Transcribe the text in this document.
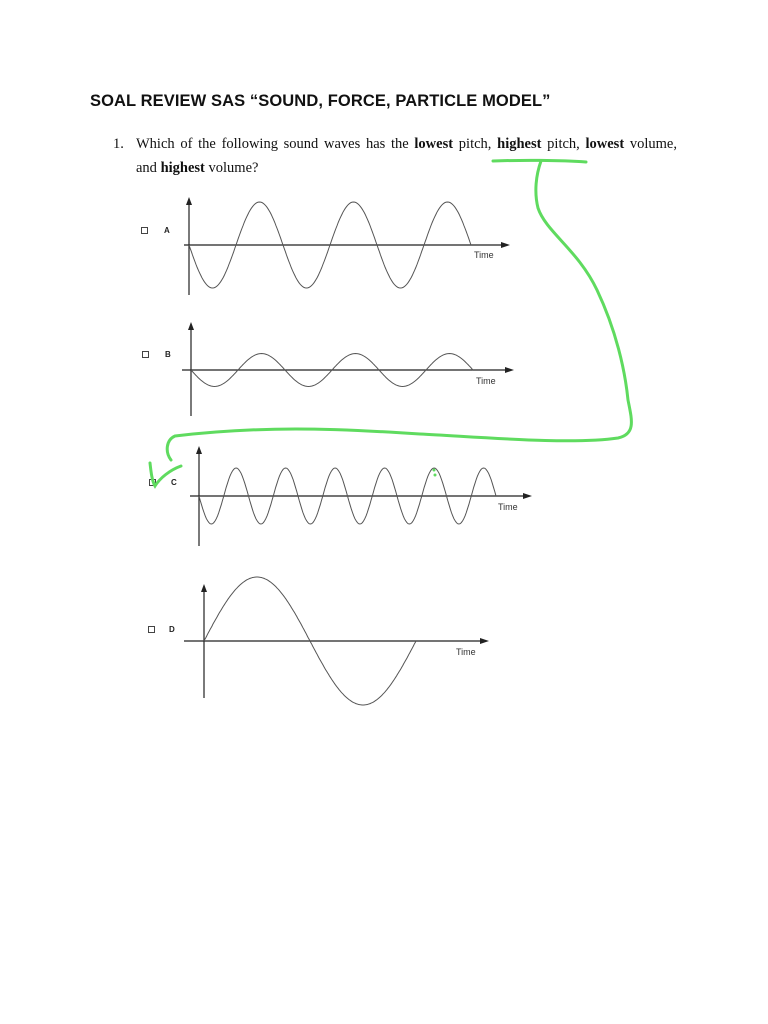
SOAL REVIEW SAS “SOUND, FORCE, PARTICLE MODEL”
1. Which of the following sound waves has the lowest pitch, highest pitch, lowest volume,
and highest volume?
A
Time
B
Time
C
Time
D
Time
